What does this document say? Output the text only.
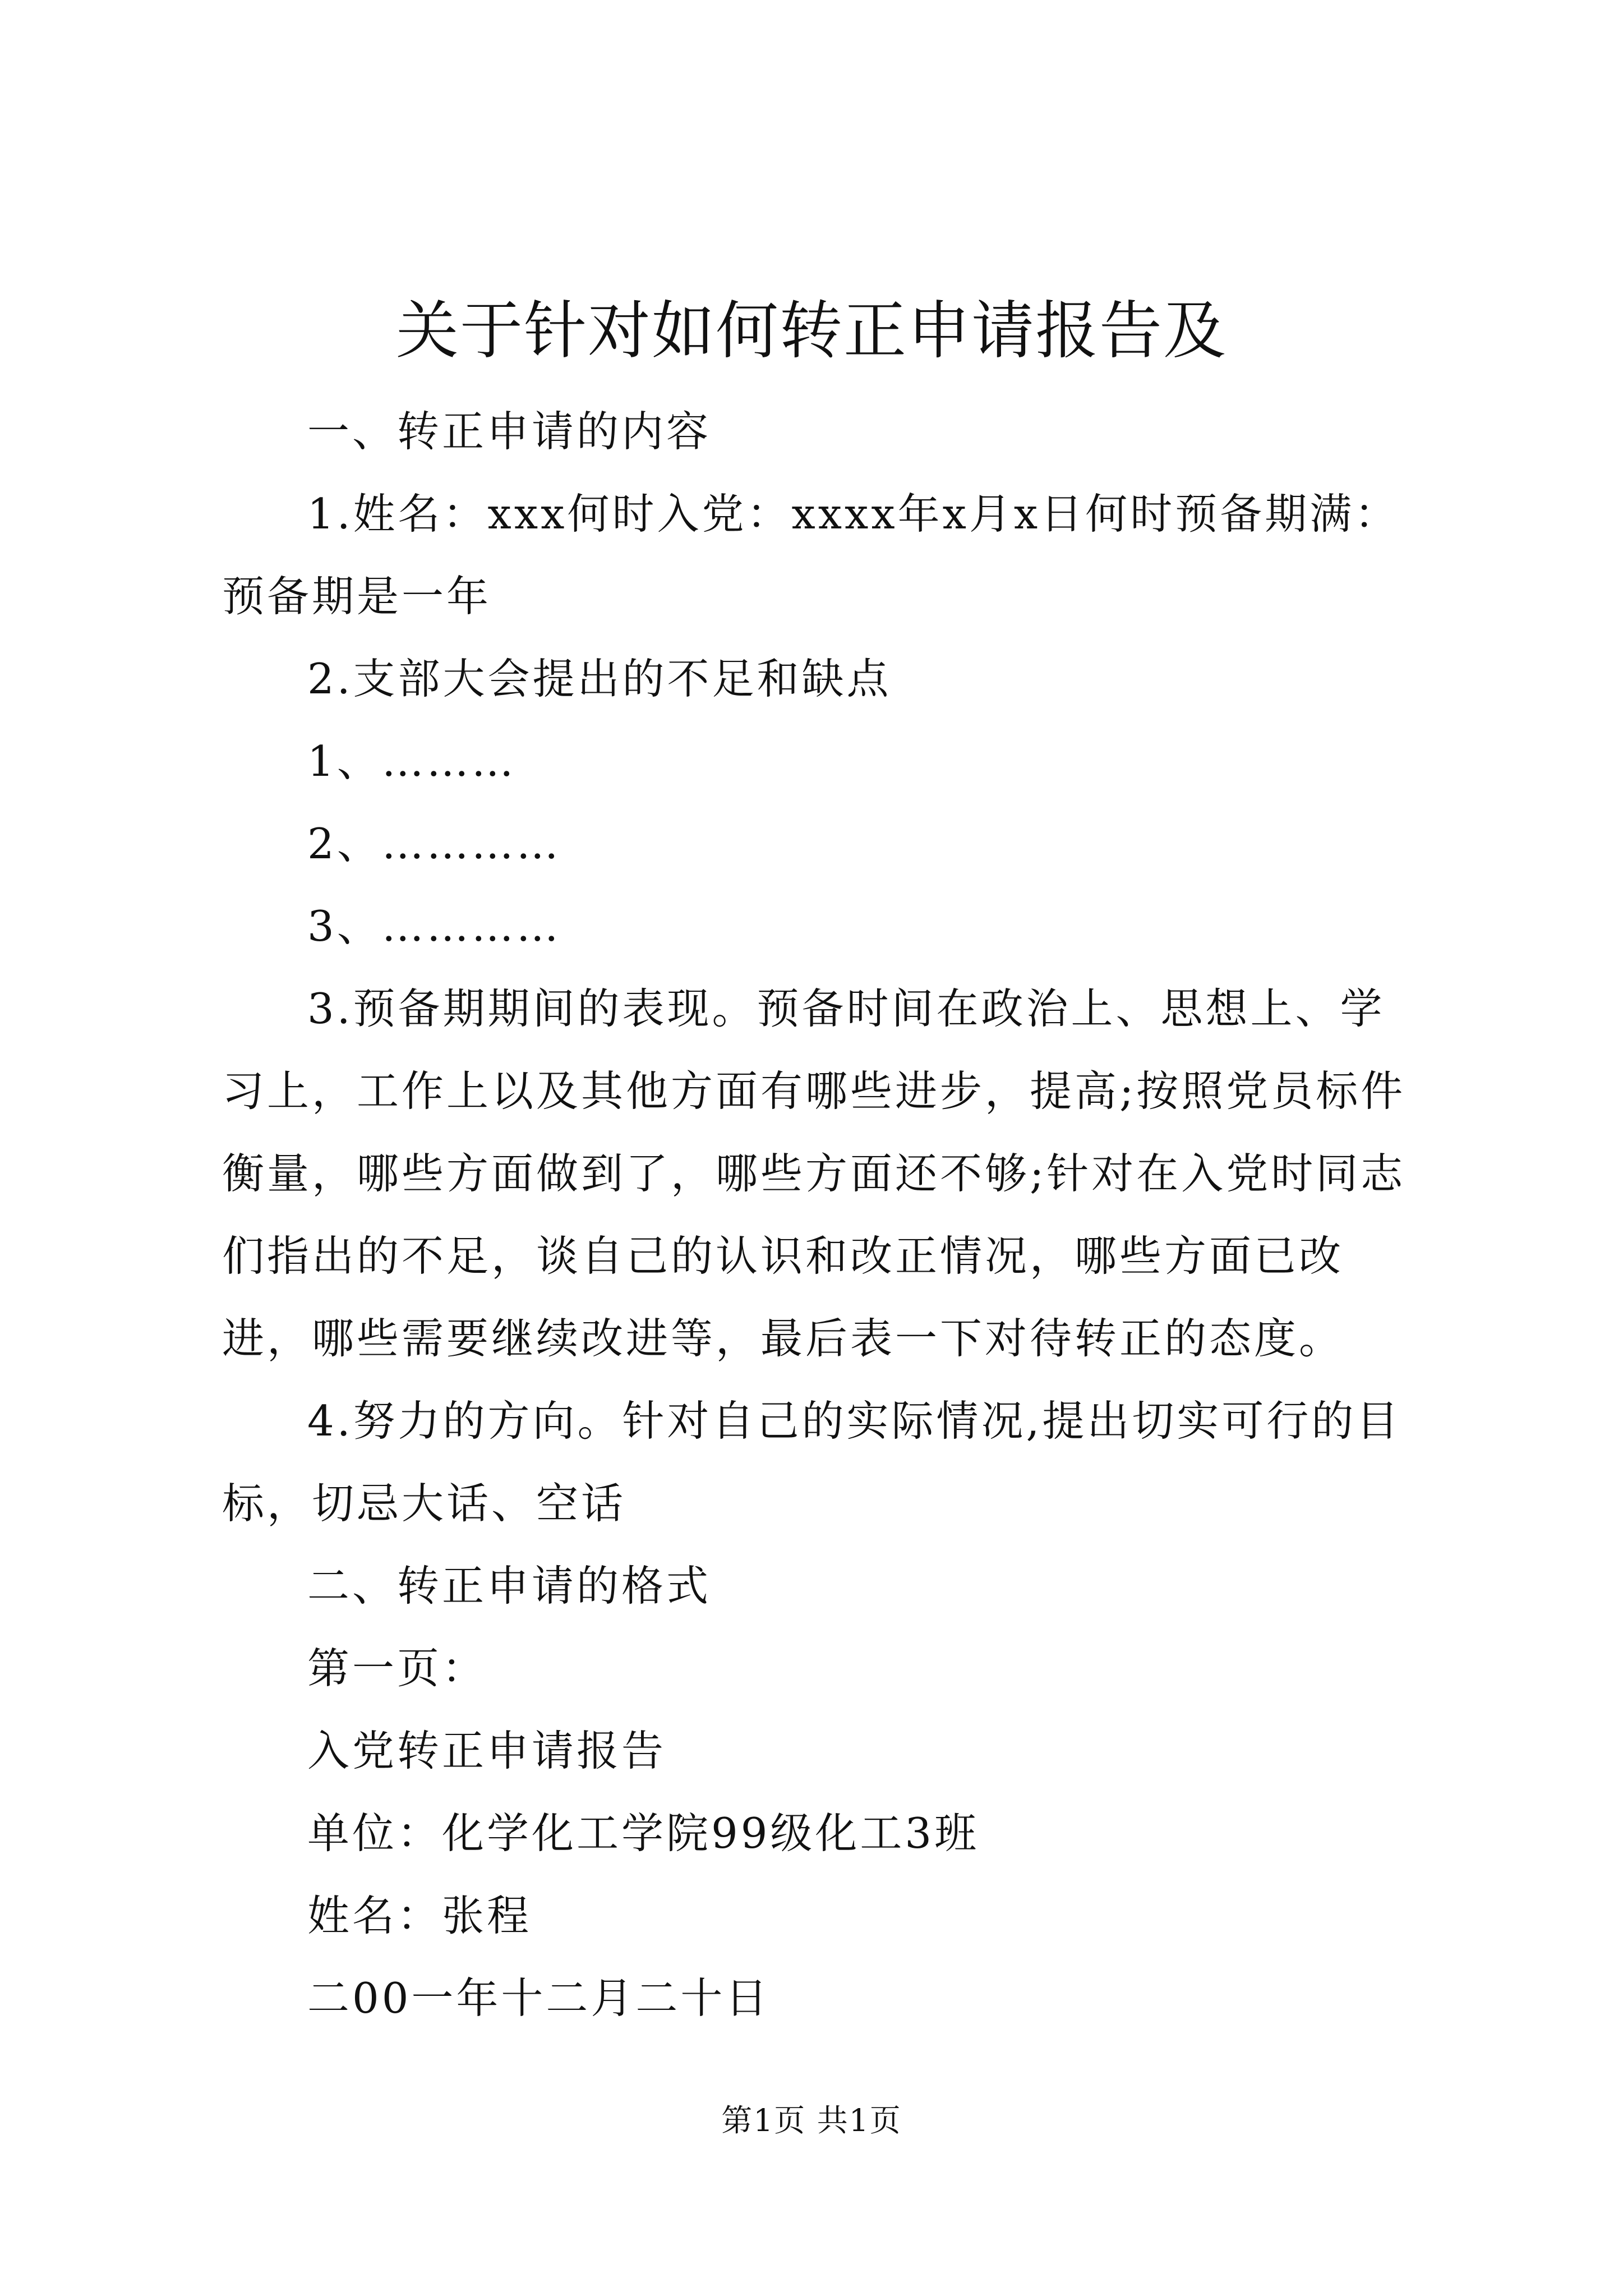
关于针对如何转正申请报告及

一、转正申请的内容

1.姓名：xxx何时入党：xxxx年x月x日何时预备期满：预备期是一年

2.支部大会提出的不足和缺点

1、………

2、…………

3、…………

3.预备期期间的表现。预备时间在政治上、思想上、学习上，工作上以及其他方面有哪些进步，提高;按照党员标件衡量，哪些方面做到了，哪些方面还不够;针对在入党时同志们指出的不足，谈自己的认识和改正情况，哪些方面已改进，哪些需要继续改进等，最后表一下对待转正的态度。

4.努力的方向。针对自己的实际情况,提出切实可行的目标，切忌大话、空话

二、转正申请的格式

第一页：

入党转正申请报告

单位：化学化工学院99级化工3班

姓名：张程

二00一年十二月二十日

第1页 共1页
